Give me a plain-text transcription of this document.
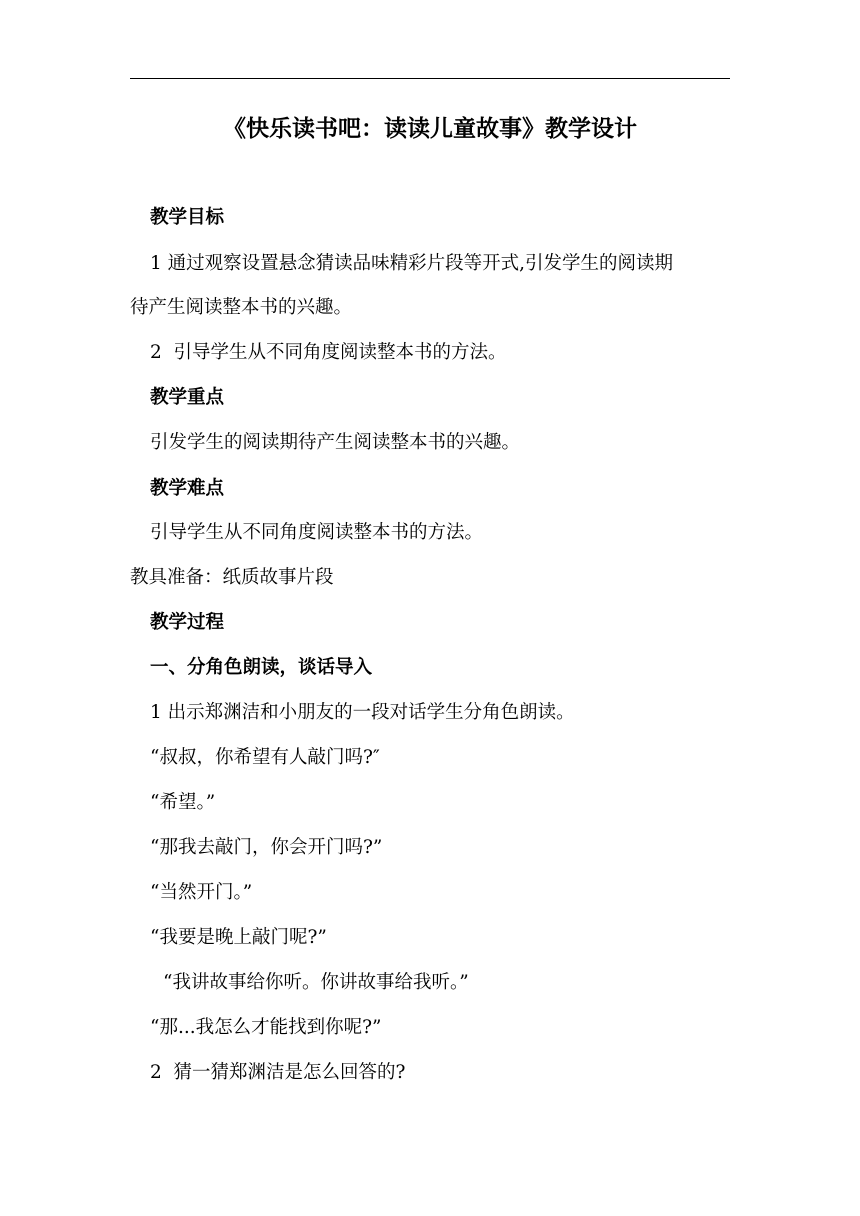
《快乐读书吧：读读儿童故事》教学设计
教学目标
1 通过观察设置悬念猜读品味精彩片段等开式,引发学生的阅读期
待产生阅读整本书的兴趣。
2  引导学生从不同角度阅读整本书的方法。
教学重点
引发学生的阅读期待产生阅读整本书的兴趣。
教学难点
引导学生从不同角度阅读整本书的方法。
教具准备：纸质故事片段
教学过程
一、分角色朗读，谈话导入
1 出示郑渊洁和小朋友的一段对话学生分角色朗读。
“叔叔，你希望有人敲门吗?″
“希望。”
“那我去敲门，你会开门吗?”
“当然开门。”
“我要是晚上敲门呢?”
“我讲故事给你听。你讲故事给我听。”
“那...我怎么才能找到你呢?”
2  猜一猜郑渊洁是怎么回答的?
